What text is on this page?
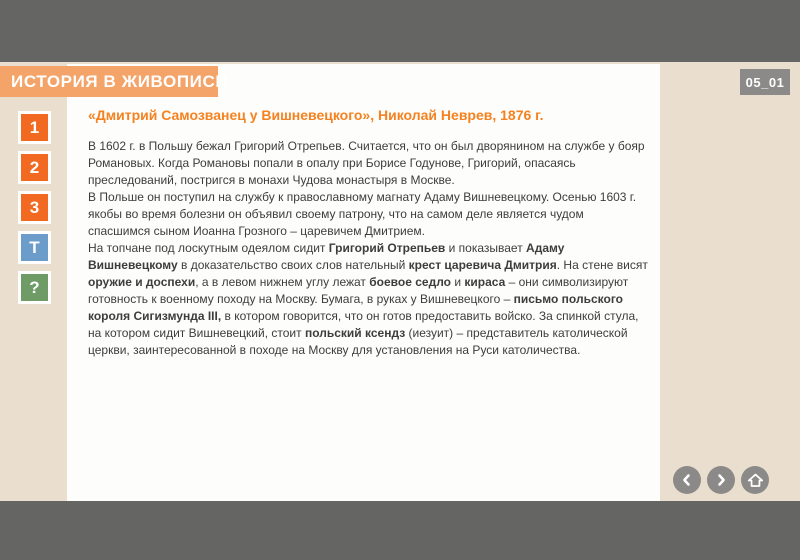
«Дмитрий Самозванец у Вишневецкого», Николай Неврев, 1876 г.
В 1602 г. в Польшу бежал Григорий Отрепьев. Считается, что он был дворянином на службе у бояр Романовых. Когда Романовы попали в опалу при Борисе Годунове, Григорий, опасаясь преследований, постригся в монахи Чудова монастыря в Москве.
В Польше он поступил на службу к православному магнату Адаму Вишневецкому. Осенью 1603 г. якобы во время болезни он объявил своему патрону, что на самом деле является чудом спасшимся сыном Иоанна Грозного – царевичем Дмитрием.
На топчане под лоскутным одеялом сидит Григорий Отрепьев и показывает Адаму Вишневецкому в доказательство своих слов нательный крест царевича Дмитрия. На стене висят оружие и доспехи, а в левом нижнем углу лежат боевое седло и кираса – они символизируют готовность к военному походу на Москву. Бумага, в руках у Вишневецкого – письмо польского короля Сигизмунда III, в котором говорится, что он готов предоставить войско. За спинкой стула, на котором сидит Вишневецкий, стоит польский ксендз (иезуит) – представитель католической церкви, заинтересованной в походе на Москву для установления на Руси католичества.
ИСТОРИЯ В ЖИВОПИСИ	05_01
1
2
3
T
?
